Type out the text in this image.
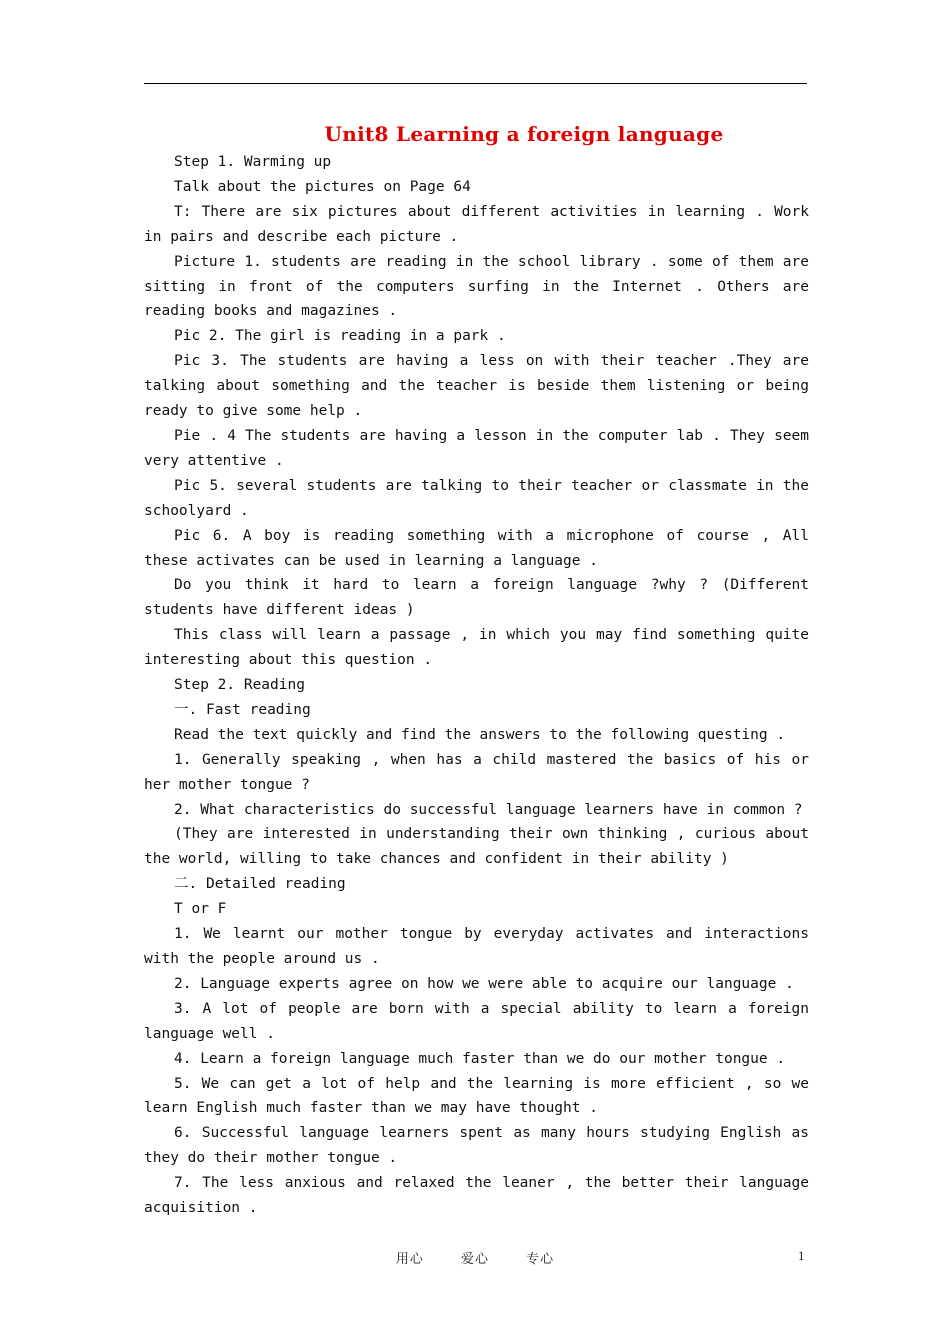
Unit8 Learning a foreign language

Step 1. Warming up

Talk about the pictures on Page 64

T: There are six pictures about different activities in learning . Work in pairs and describe each picture .

Picture 1. students are reading in the school library . some of them are sitting in front of the computers surfing in the Internet . Others are reading books and magazines .

Pic 2. The girl is reading in a park .

Pic 3. The students are having a less on with their teacher .They are talking about something and the teacher is beside them listening or being ready to give some help .

Pie . 4 The students are having a lesson in the computer lab . They seem very attentive .

Pic 5. several students are talking to their teacher or classmate in the schoolyard .

Pic 6. A boy is reading something with a microphone of course , All these activates can be used in learning a language .

Do you think it hard to learn a foreign language ?why ? (Different students have different ideas )

This class will learn a passage , in which you may find something quite interesting about this question .

Step 2. Reading

一. Fast reading

Read the text quickly and find the answers to the following questing .

1. Generally speaking , when has a child mastered the basics of his or her mother tongue ?

2. What characteristics do successful language learners have in common ?

(They are interested in understanding their own thinking , curious about the world, willing to take chances and confident in their ability )

二. Detailed reading

T or F

1. We learnt our mother tongue by everyday activates and interactions with the people around us .

2. Language experts agree on how we were able to acquire our language .

3. A lot of people are born with a special ability to learn a foreign language well .

4. Learn a foreign language much faster than we do our mother tongue .

5. We can get a lot of help and the learning is more efficient , so we learn English much faster than we may have thought .

6. Successful language learners spent as many hours studying English as they do their mother tongue .

7. The less anxious and relaxed the leaner , the better their language acquisition .

用心	爱心	专心	1
